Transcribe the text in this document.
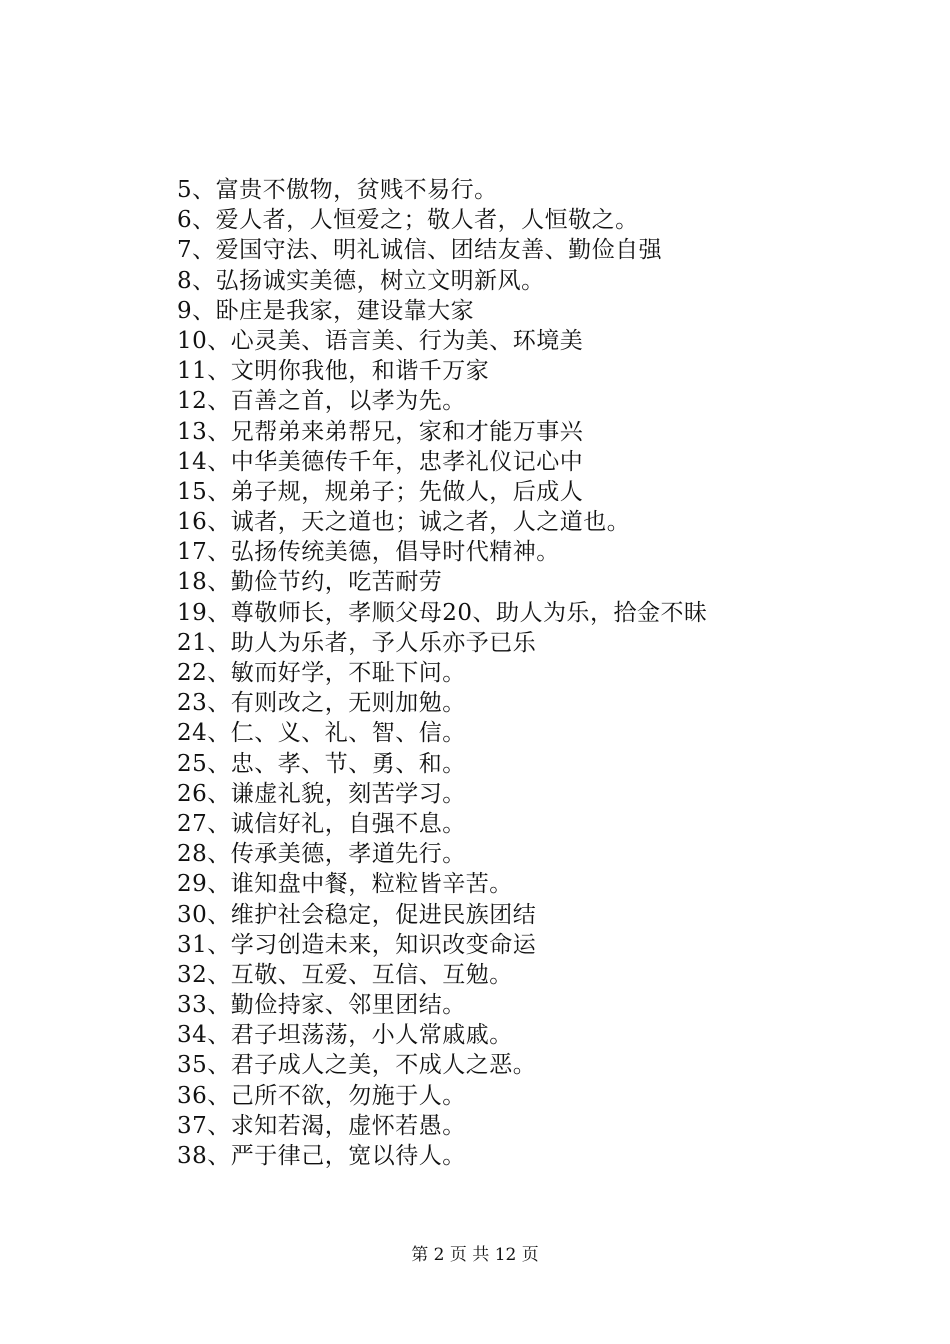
5、富贵不傲物，贫贱不易行。
6、爱人者，人恒爱之；敬人者，人恒敬之。
7、爱国守法、明礼诚信、团结友善、勤俭自强
8、弘扬诚实美德，树立文明新风。
9、卧庄是我家，建设靠大家
10、心灵美、语言美、行为美、环境美
11、文明你我他，和谐千万家
12、百善之首，以孝为先。
13、兄帮弟来弟帮兄，家和才能万事兴
14、中华美德传千年，忠孝礼仪记心中
15、弟子规，规弟子；先做人，后成人
16、诚者，天之道也；诚之者，人之道也。
17、弘扬传统美德，倡导时代精神。
18、勤俭节约，吃苦耐劳
19、尊敬师长，孝顺父母20、助人为乐，拾金不昧
21、助人为乐者，予人乐亦予已乐
22、敏而好学，不耻下问。
23、有则改之，无则加勉。
24、仁、义、礼、智、信。
25、忠、孝、节、勇、和。
26、谦虚礼貌，刻苦学习。
27、诚信好礼，自强不息。
28、传承美德，孝道先行。
29、谁知盘中餐，粒粒皆辛苦。
30、维护社会稳定，促进民族团结
31、学习创造未来，知识改变命运
32、互敬、互爱、互信、互勉。
33、勤俭持家、邻里团结。
34、君子坦荡荡，小人常戚戚。
35、君子成人之美，不成人之恶。
36、己所不欲，勿施于人。
37、求知若渴，虚怀若愚。
38、严于律己，宽以待人。
第 2 页 共 12 页
